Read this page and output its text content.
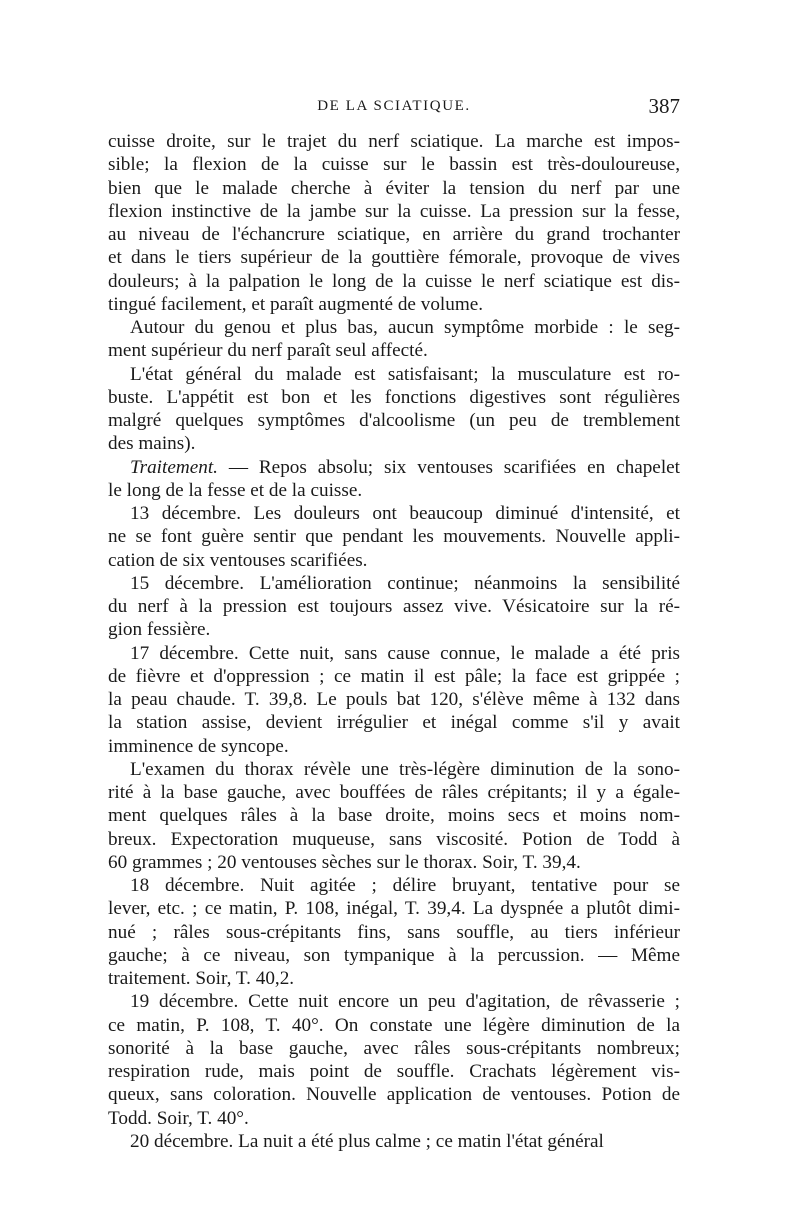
DE LA SCIATIQUE.	387
cuisse droite, sur le trajet du nerf sciatique. La marche est impos-
sible; la flexion de la cuisse sur le bassin est très-douloureuse,
bien que le malade cherche à éviter la tension du nerf par une
flexion instinctive de la jambe sur la cuisse. La pression sur la fesse,
au niveau de l'échancrure sciatique, en arrière du grand trochanter
et dans le tiers supérieur de la gouttière fémorale, provoque de vives
douleurs; à la palpation le long de la cuisse le nerf sciatique est dis-
tingué facilement, et paraît augmenté de volume.
Autour du genou et plus bas, aucun symptôme morbide : le seg-
ment supérieur du nerf paraît seul affecté.
L'état général du malade est satisfaisant; la musculature est ro-
buste. L'appétit est bon et les fonctions digestives sont régulières
malgré quelques symptômes d'alcoolisme (un peu de tremblement
des mains).
Traitement. — Repos absolu; six ventouses scarifiées en chapelet
le long de la fesse et de la cuisse.
13 décembre. Les douleurs ont beaucoup diminué d'intensité, et
ne se font guère sentir que pendant les mouvements. Nouvelle appli-
cation de six ventouses scarifiées.
15 décembre. L'amélioration continue; néanmoins la sensibilité
du nerf à la pression est toujours assez vive. Vésicatoire sur la ré-
gion fessière.
17 décembre. Cette nuit, sans cause connue, le malade a été pris
de fièvre et d'oppression ; ce matin il est pâle; la face est grippée ;
la peau chaude. T. 39,8. Le pouls bat 120, s'élève même à 132 dans
la station assise, devient irrégulier et inégal comme s'il y avait
imminence de syncope.
L'examen du thorax révèle une très-légère diminution de la sono-
rité à la base gauche, avec bouffées de râles crépitants; il y a égale-
ment quelques râles à la base droite, moins secs et moins nom-
breux. Expectoration muqueuse, sans viscosité. Potion de Todd à
60 grammes ; 20 ventouses sèches sur le thorax. Soir, T. 39,4.
18 décembre. Nuit agitée ; délire bruyant, tentative pour se
lever, etc. ; ce matin, P. 108, inégal, T. 39,4. La dyspnée a plutôt dimi-
nué ; râles sous-crépitants fins, sans souffle, au tiers inférieur
gauche; à ce niveau, son tympanique à la percussion. — Même
traitement. Soir, T. 40,2.
19 décembre. Cette nuit encore un peu d'agitation, de rêvasserie ;
ce matin, P. 108, T. 40°. On constate une légère diminution de la
sonorité à la base gauche, avec râles sous-crépitants nombreux;
respiration rude, mais point de souffle. Crachats légèrement vis-
queux, sans coloration. Nouvelle application de ventouses. Potion de
Todd. Soir, T. 40°.
20 décembre. La nuit a été plus calme ; ce matin l'état général
